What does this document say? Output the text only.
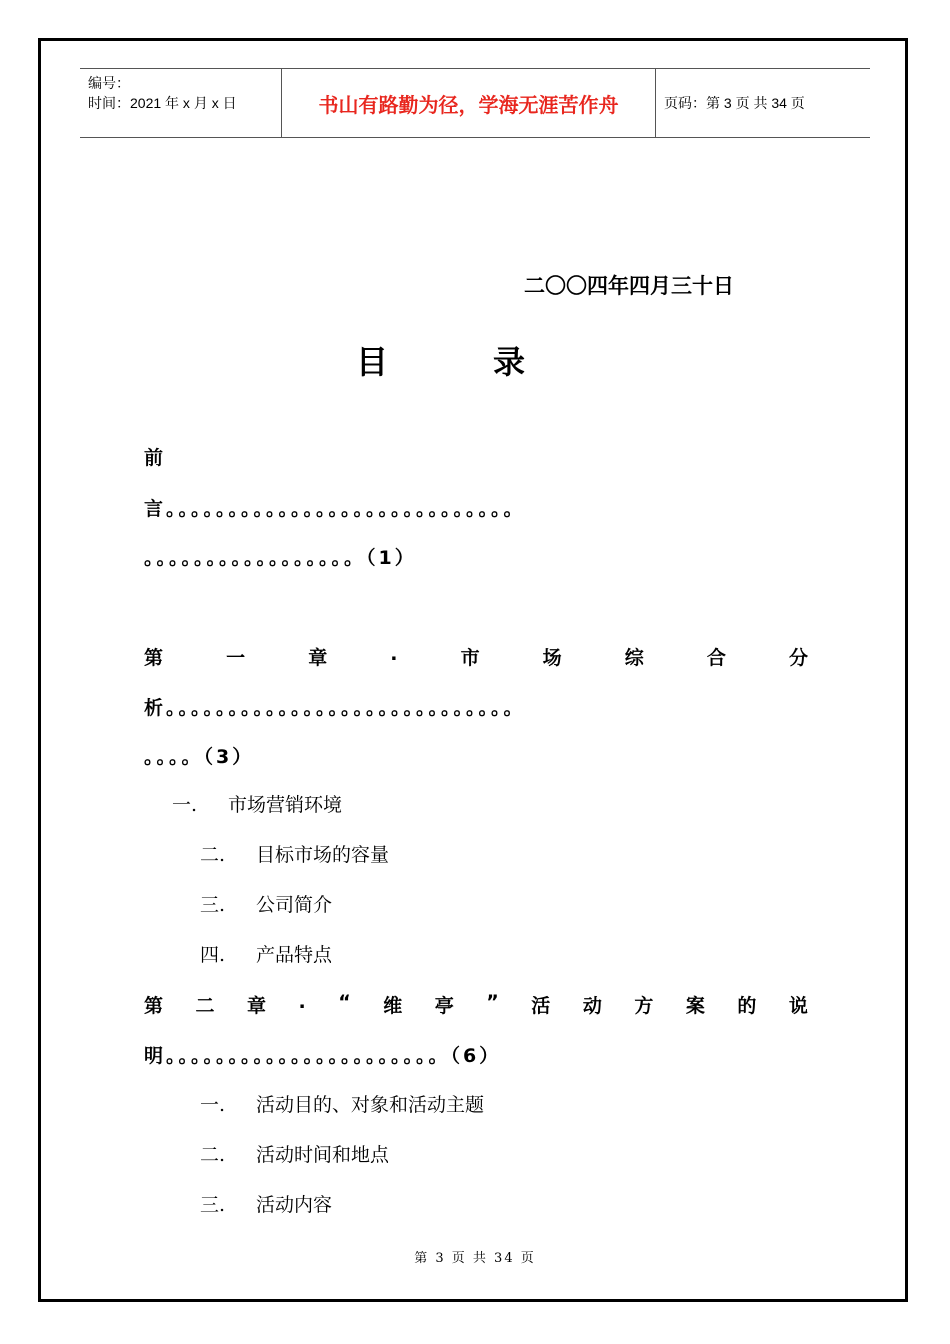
编号：
时间：2021 年 x 月 x 日	书山有路勤为径，学海无涯苦作舟	页码：第 3 页 共 34 页
二〇〇四年四月三十日
目	录
前
言。。。。。。。。。。。。。。。。。。。。。。。。。。。。
。。。。。。。。。。。。。。。。。（1）
第	一	章	.	市	场	综	合	分
析。。。。。。。。。。。。。。。。。。。。。。。。。。。。
。。。。（3）
一. 市场营销环境
二. 目标市场的容量
三. 公司简介
四. 产品特点
第 二 章 . “ 维 亭 ” 活 动 方 案 的 说
明。。。。。。。。。。。。。。。。。。。。。。（6）
一. 活动目的、对象和活动主题
二. 活动时间和地点
三. 活动内容
第 3 页 共 34 页
